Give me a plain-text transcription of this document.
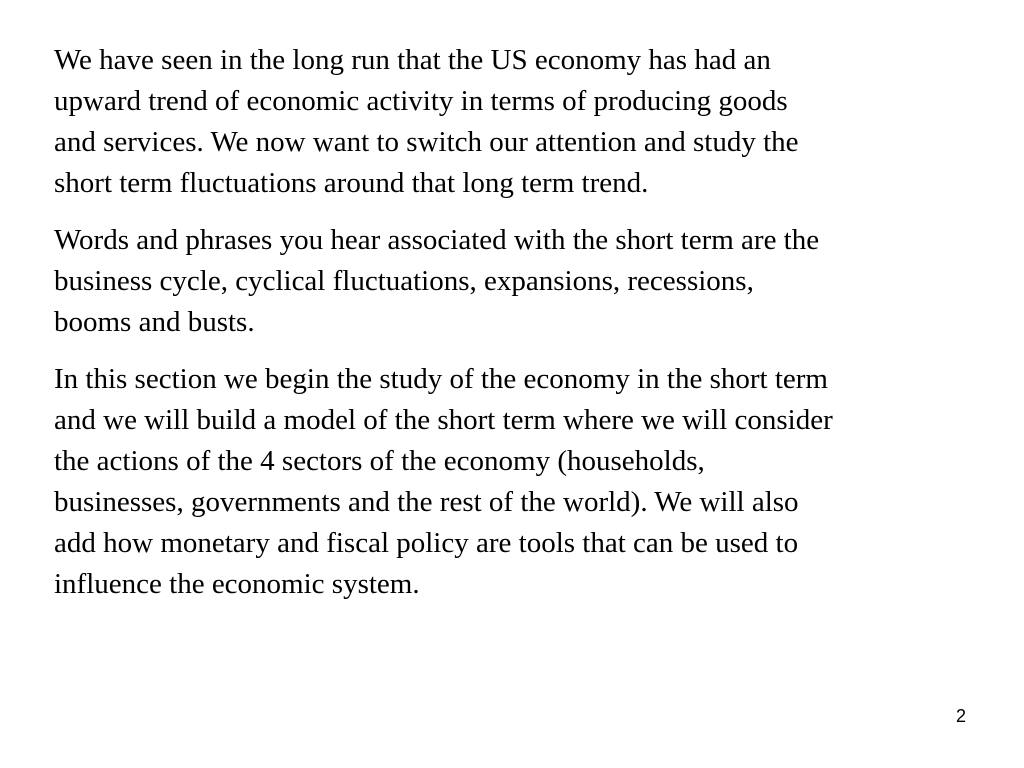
We have seen in the long run that the US economy has had an
upward trend of economic activity in terms of producing goods
and services. We now want to switch our attention and study the
short term fluctuations around that long term trend.

Words and phrases you hear associated with the short term are the
business cycle, cyclical fluctuations, expansions, recessions,
booms and busts.

In this section we begin the study of the economy in the short term
and we will build a model of the short term where we will consider
the actions of the 4 sectors of the economy (households,
businesses, governments and the rest of the world). We will also
add how monetary and fiscal policy are tools that can be used to
influence the economic system.

2
